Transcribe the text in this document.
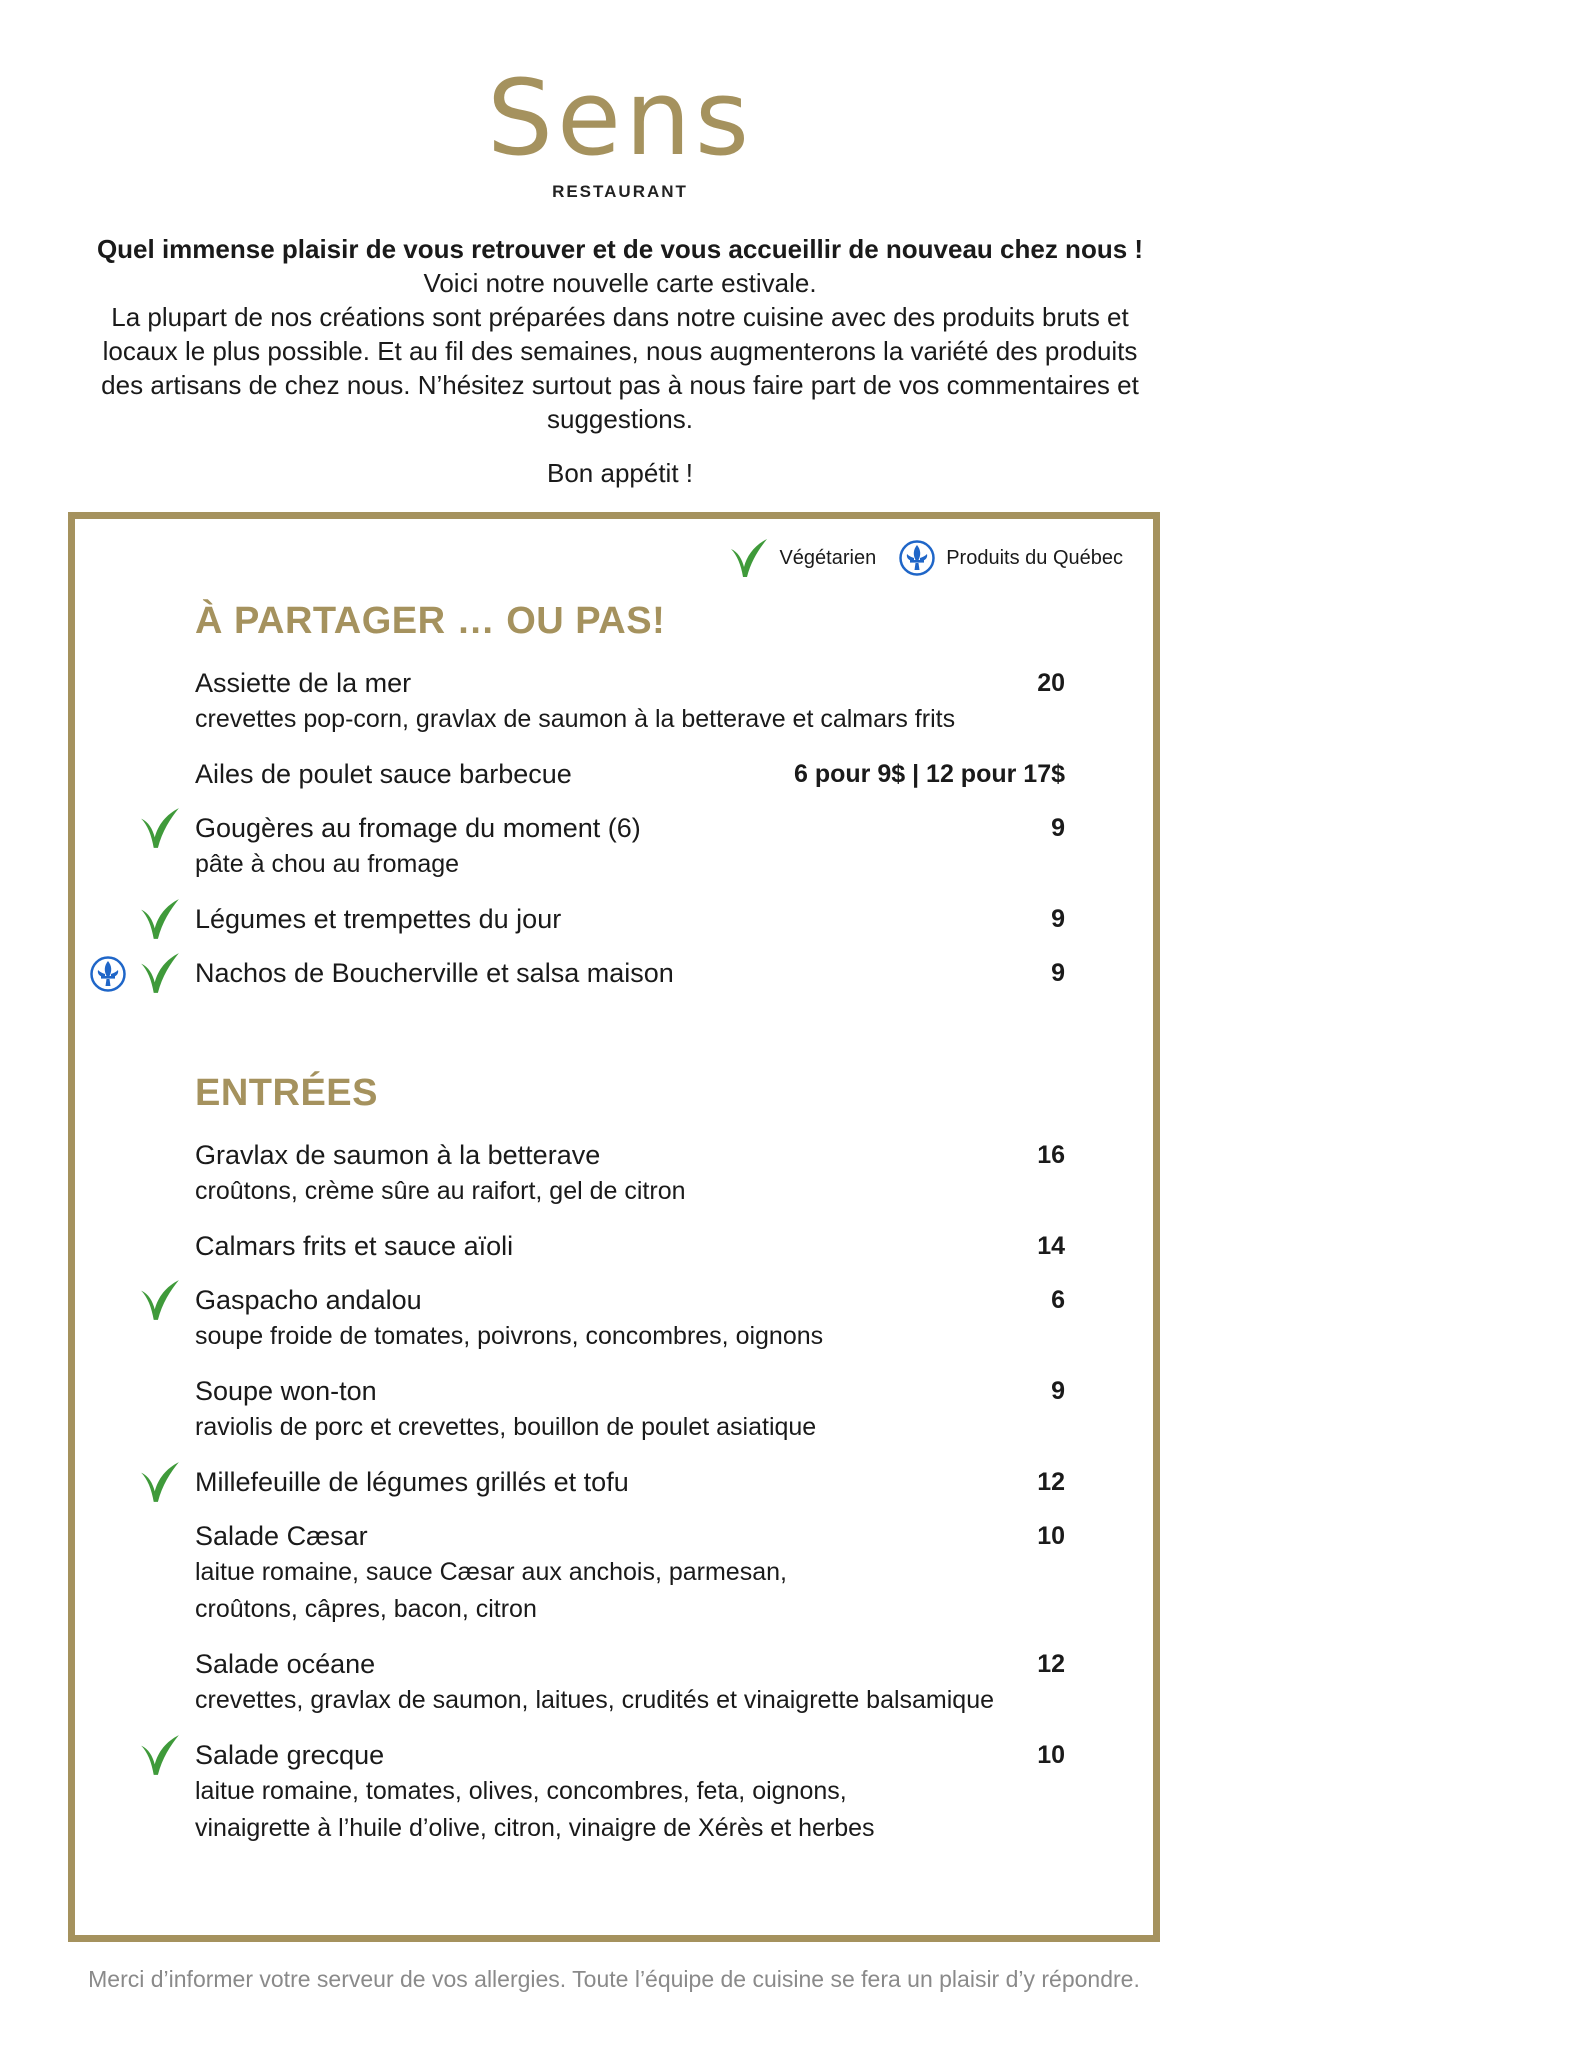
Sens
RESTAURANT
Quel immense plaisir de vous retrouver et de vous accueillir de nouveau chez nous !
Voici notre nouvelle carte estivale.
La plupart de nos créations sont préparées dans notre cuisine avec des produits bruts et locaux le plus possible. Et au fil des semaines, nous augmenterons la variété des produits des artisans de chez nous. N’hésitez surtout pas à nous faire part de vos commentaires et suggestions.
Bon appétit !
Végétarien	Produits du Québec
À PARTAGER … OU PAS!
Assiette de la mer
crevettes pop-corn, gravlax de saumon à la betterave et calmars frits
20
Ailes de poulet sauce barbecue	6 pour 9$ | 12 pour 17$
Gougères au fromage du moment (6)
pâte à chou au fromage
9
Légumes et trempettes du jour	9
Nachos de Boucherville et salsa maison	9
ENTRÉES
Gravlax de saumon à la betterave
croûtons, crème sûre au raifort, gel de citron
16
Calmars frits et sauce aïoli	14
Gaspacho andalou
soupe froide de tomates, poivrons, concombres, oignons
6
Soupe won-ton
raviolis de porc et crevettes, bouillon de poulet asiatique
9
Millefeuille de légumes grillés et tofu	12
Salade Cæsar
laitue romaine, sauce Cæsar aux anchois, parmesan, croûtons, câpres, bacon, citron
10
Salade océane
crevettes, gravlax de saumon, laitues, crudités et vinaigrette balsamique
12
Salade grecque
laitue romaine, tomates, olives, concombres, feta, oignons, vinaigrette à l’huile d’olive, citron, vinaigre de Xérès et herbes
10
Merci d’informer votre serveur de vos allergies. Toute l’équipe de cuisine se fera un plaisir d’y répondre.
